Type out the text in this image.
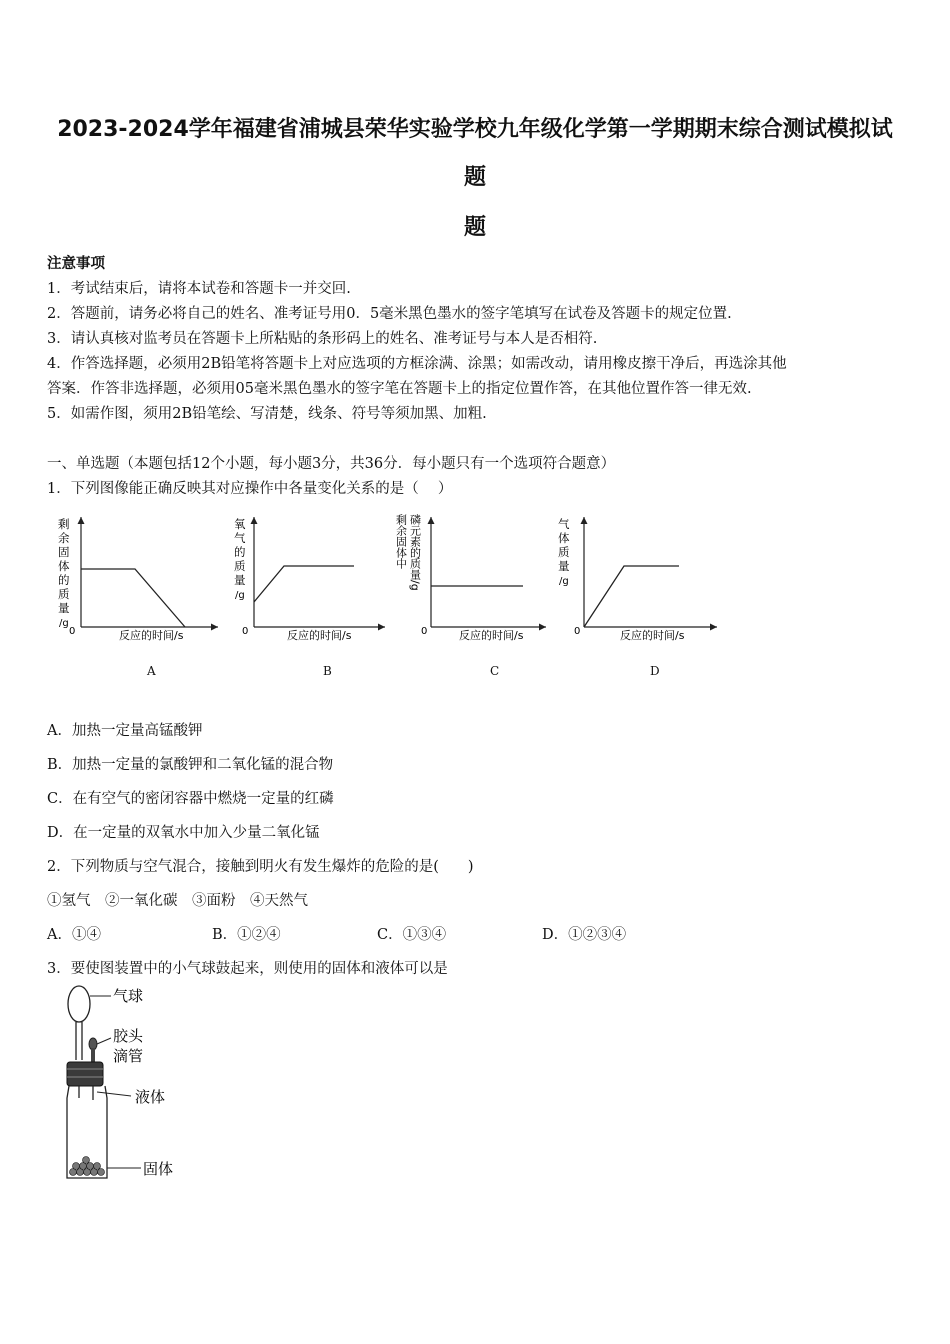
2023-2024学年福建省浦城县荣华实验学校九年级化学第一学期期末综合测试模拟试
题
题
注意事项
1．考试结束后，请将本试卷和答题卡一并交回.
2．答题前，请务必将自己的姓名、准考证号用0．5毫米黑色墨水的签字笔填写在试卷及答题卡的规定位置.
3．请认真核对监考员在答题卡上所粘贴的条形码上的姓名、准考证号与本人是否相符.
4．作答选择题，必须用2B铅笔将答题卡上对应选项的方框涂满、涂黑；如需改动，请用橡皮擦干净后，再选涂其他
答案．作答非选择题，必须用05毫米黑色墨水的签字笔在答题卡上的指定位置作答，在其他位置作答一律无效.
5．如需作图，须用2B铅笔绘、写清楚，线条、符号等须加黑、加粗.
一、单选题（本题包括12个小题，每小题3分，共36分．每小题只有一个选项符合题意）
1．下列图像能正确反映其对应操作中各量变化关系的是（　 ）
剩
余
固
体
的
质
量
/g
0	反应的时间/s
A
氧
气
的
质
量
/g
0	反应的时间/s
B
剩余固体中 磷元素的质量/g
0	反应的时间/s
C
气
体
质
量
/g
0	反应的时间/s
D
A．加热一定量高锰酸钾
B．加热一定量的氯酸钾和二氧化锰的混合物
C．在有空气的密闭容器中燃烧一定量的红磷
D．在一定量的双氧水中加入少量二氧化锰
2．下列物质与空气混合，接触到明火有发生爆炸的危险的是(　　)
①氢气　②一氧化碳　③面粉　④天然气
A．①④	B．①②④	C．①③④	D．①②③④
3．要使图装置中的小气球鼓起来，则使用的固体和液体可以是
气球
胶头
滴管
液体
固体
